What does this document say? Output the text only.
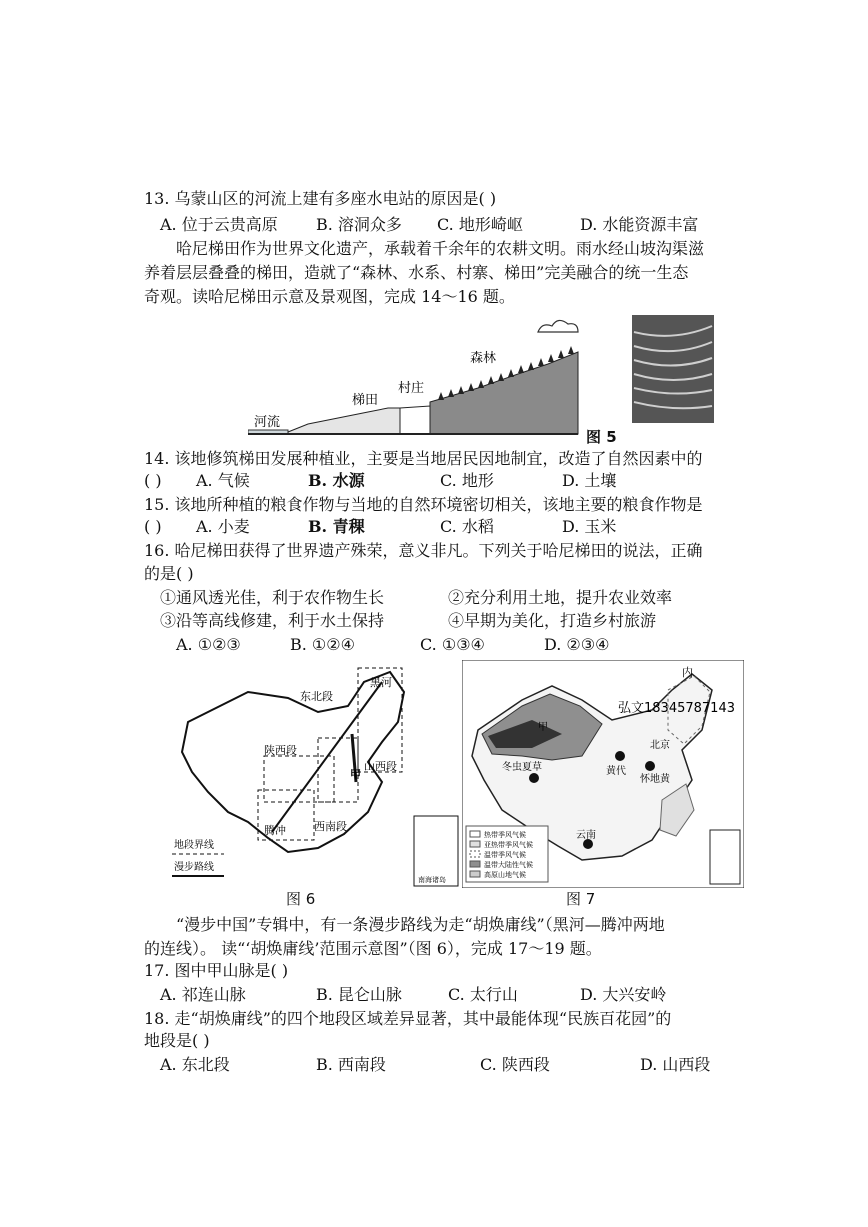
13. 乌蒙山区的河流上建有多座水电站的原因是( )
A. 位于云贵高原 B. 溶洞众多 C. 地形崎岖	D. 水能资源丰富
哈尼梯田作为世界文化遗产，承载着千余年的农耕文明。雨水经山坡沟渠滋
养着层层叠叠的梯田，造就了“森林、水系、村寨、梯田”完美融合的统一生态
奇观。读哈尼梯田示意及景观图，完成 14～16 题。
河流
梯田
村庄
森林
图 5
14. 该地修筑梯田发展种植业，主要是当地居民因地制宜，改造了自然因素中的
( ) A. 气候	B. 水源	C. 地形	D. 土壤
15. 该地所种植的粮食作物与当地的自然环境密切相关，该地主要的粮食作物是
( ) A. 小麦	B. 青稞	C. 水稻	D. 玉米
16. 哈尼梯田获得了世界遗产殊荣，意义非凡。下列关于哈尼梯田的说法，正确
的是( )
①通风透光佳，利于农作物生长	②充分利用土地，提升农业效率
③沿等高线修建，利于水土保持	④早期为美化，打造乡村旅游
A. ①②③	B. ①②④	C. ①③④	D. ②③④
黑河
东北段
陕西段
甲
山西段
腾冲	西南段
地段界线
漫步路线
南海诸岛
图 6
内
弘文18345787143
北京
甲
黄代
怀地黄
冬虫夏草
云南
热带季风气候
亚热带季风气候
温带季风气候
温带大陆性气候
高原山地气候
图 7
“漫步中国”专辑中，有一条漫步路线为走“胡焕庸线”（黑河—腾冲两地
的连线）。 读“‘胡焕庸线’范围示意图”（图 6），完成 17～19 题。
17. 图中甲山脉是( )
A. 祁连山脉	B. 昆仑山脉	C. 太行山	D. 大兴安岭
18. 走“胡焕庸线”的四个地段区域差异显著，其中最能体现“民族百花园”的
地段是( )
A. 东北段	B. 西南段	C. 陕西段	D. 山西段
